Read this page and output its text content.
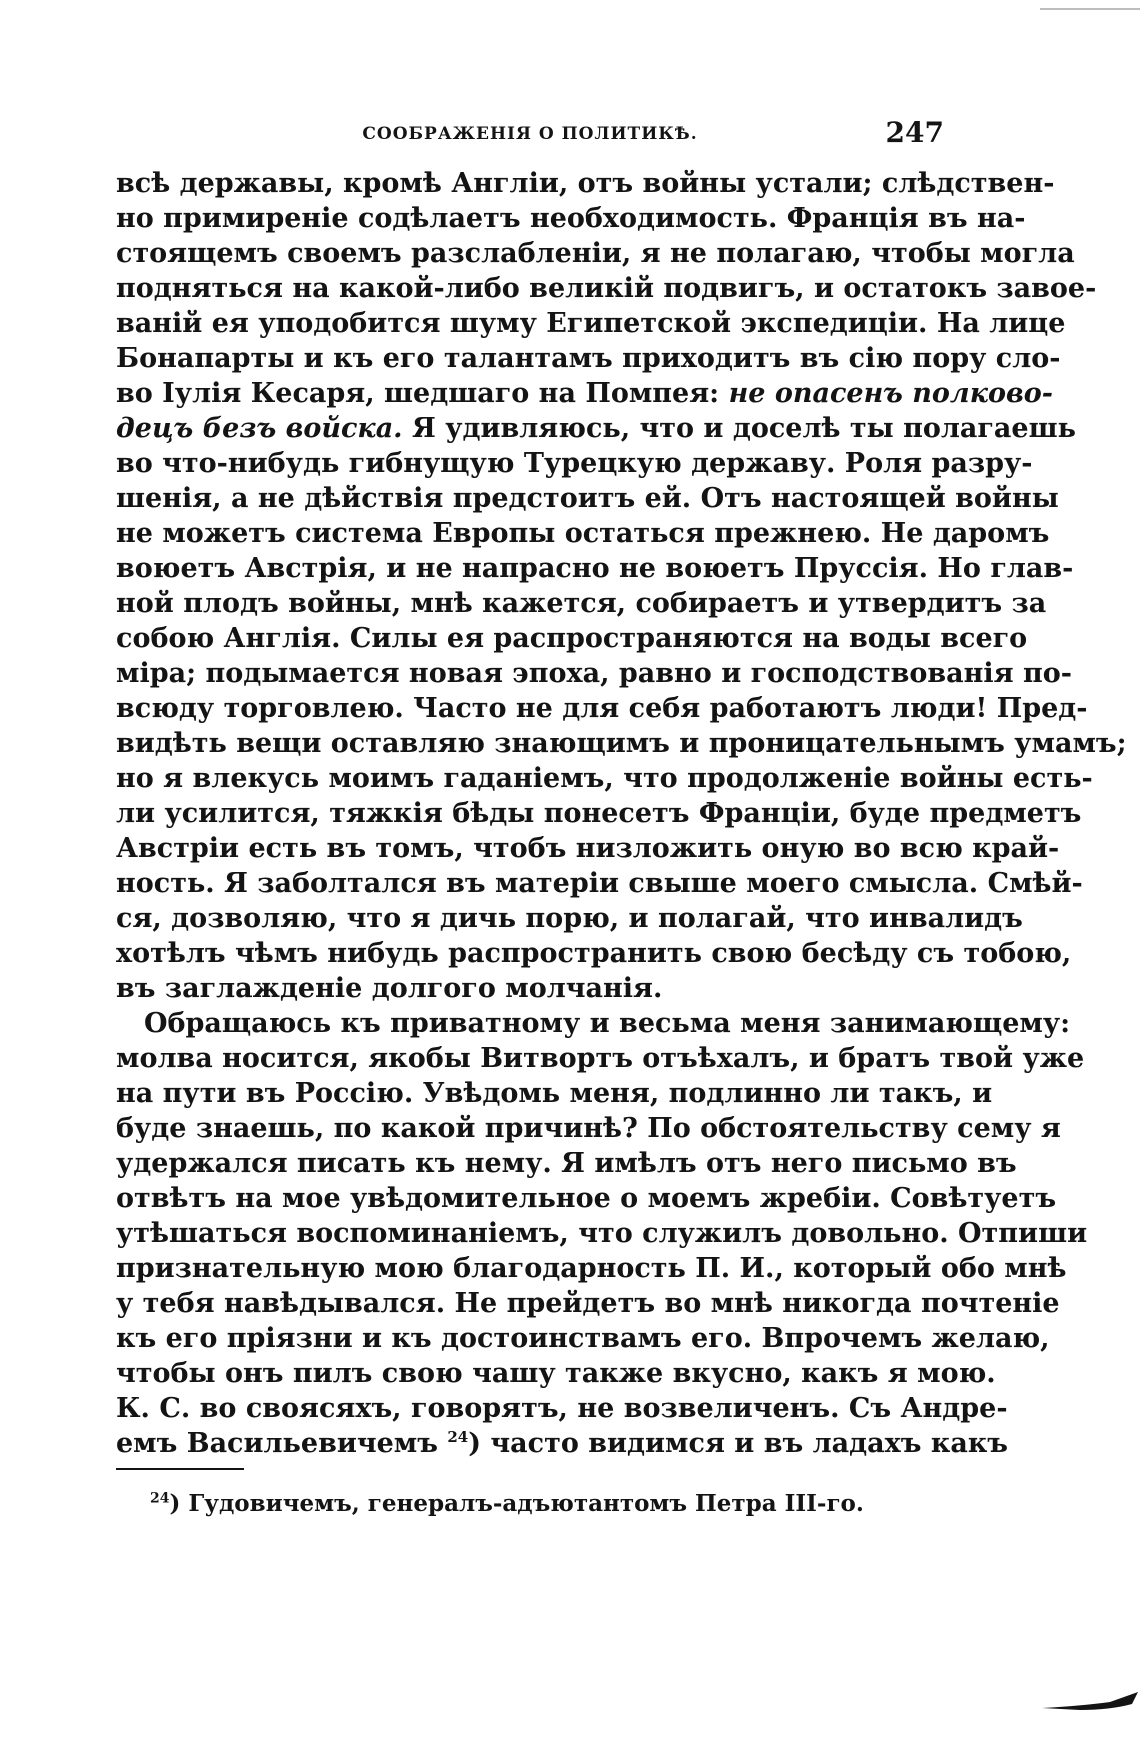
СООБРАЖЕНІЯ О ПОЛИТИКѢ.	247
всѣ державы, кромѣ Англіи, отъ войны устали; слѣдствен-
но примиреніе содѣлаетъ необходимость. Францiя въ на-
стоящемъ своемъ разслабленіи, я не полагаю, чтобы могла
подняться на какой-либо великій подвигъ, и остатокъ завое-
ваній ея уподобится шуму Египетской экспедиціи. На лице
Бонапарты и къ его талантамъ приходитъ въ сію пору сло-
во Іулія Кесаря, шедшаго на Помпея: не опасенъ полково-
децъ безъ войска. Я удивляюсь, что и доселѣ ты полагаешь
во что-нибудь гибнущую Турецкую державу. Роля разру-
шенія, а не дѣйствія предстоитъ ей. Отъ настоящей войны
не можетъ система Европы остаться прежнею. Не даромъ
воюетъ Австрія, и не напрасно не воюетъ Пруссія. Но глав-
ной плодъ войны, мнѣ кажется, собираетъ и утвердитъ за
собою Англія. Силы ея распространяются на воды всего
міра; подымается новая эпоха, равно и господствованія по-
всюду торговлею. Часто не для себя работаютъ люди! Пред-
видѣть вещи оставляю знающимъ и проницательнымъ умамъ;
но я влекусь моимъ гаданіемъ, что продолженіе войны есть-
ли усилится, тяжкія бѣды понесетъ Франціи, буде предметъ
Австріи есть въ томъ, чтобъ низложить оную во всю край-
ность. Я заболтался въ матеріи свыше моего смысла. Смѣй-
ся, дозволяю, что я дичь порю, и полагай, что инвалидъ
хотѣлъ чѣмъ нибудь распространить свою бесѣду съ тобою,
въ заглажденіе долгого молчанія.
Обращаюсь къ приватному и весьма меня занимающему:
молва носится, якобы Витвортъ отъѣхалъ, и братъ твой уже
на пути въ Россію. Увѣдомь меня, подлинно ли такъ, и
буде знаешь, по какой причинѣ? По обстоятельству сему я
удержался писать къ нему. Я имѣлъ отъ него письмо въ
отвѣтъ на мое увѣдомительное о моемъ жребіи. Совѣтуетъ
утѣшаться воспоминаніемъ, что служилъ довольно. Отпиши
признательную мою благодарность П. И., который обо мнѣ
у тебя навѣдывался. Не прейдетъ во мнѣ никогда почтеніе
къ его пріязни и къ достоинствамъ его. Впрочемъ желаю,
чтобы онъ пилъ свою чашу также вкусно, какъ я мою.
К. С. во своясяхъ, говорятъ, не возвеличенъ. Съ Андре-
емъ Васильевичемъ $^{24}$) часто видимся и въ ладахъ какъ
$^{24}$) Гудовичемъ, генералъ-адъютантомъ Петра III-го.
